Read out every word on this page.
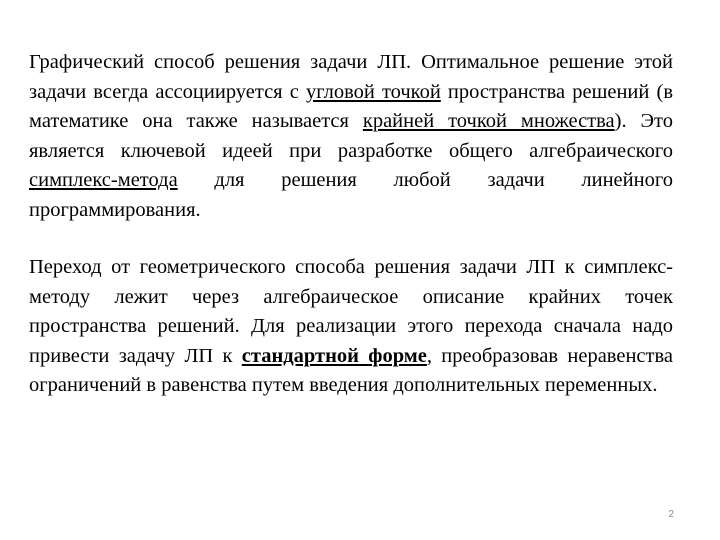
Графический способ решения задачи ЛП. Оптимальное решение этой задачи всегда ассоциируется с угловой точкой пространства решений (в математике она также называется крайней точкой множества). Это является ключевой идеей при разработке общего алгебраического симплекс-метода для решения любой задачи линейного программирования.

Переход от геометрического способа решения задачи ЛП к симплекс-методу лежит через алгебраическое описание крайних точек пространства решений. Для реализации этого перехода сначала надо привести задачу ЛП к стандартной форме, преобразовав неравенства ограничений в равенства путем введения дополнительных переменных.

2
